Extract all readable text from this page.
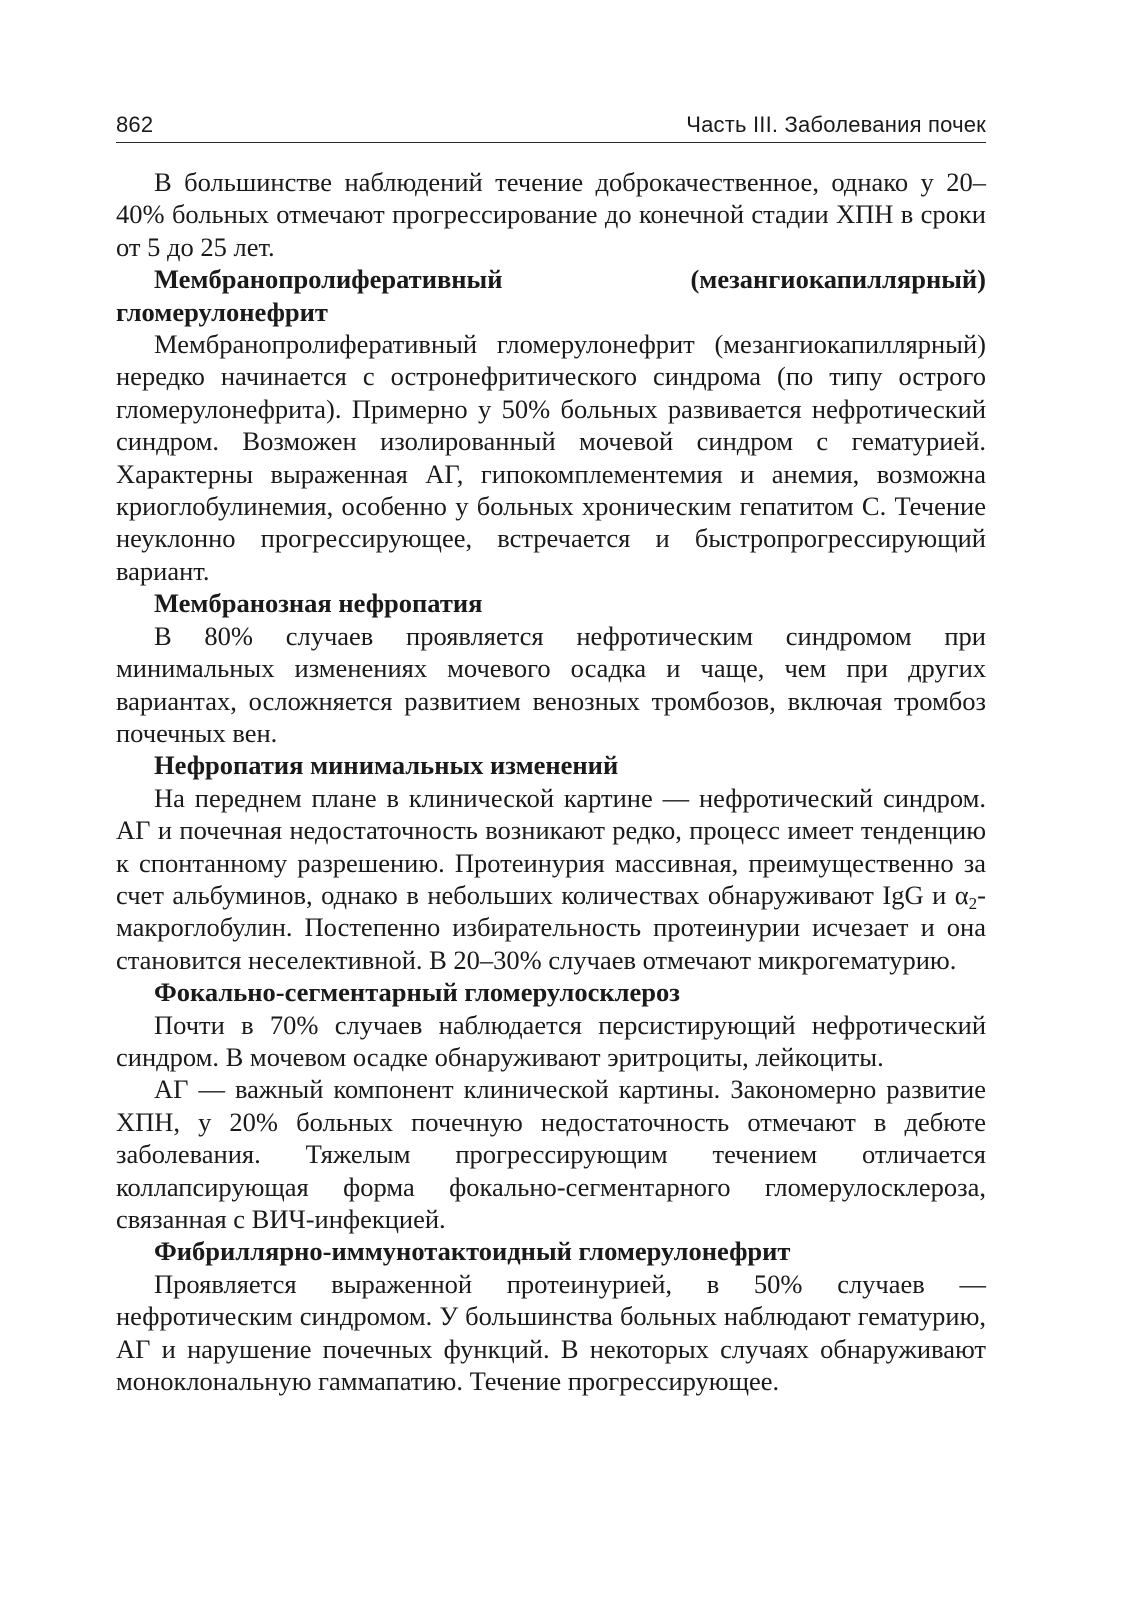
862	Часть III. Заболевания почек

В большинстве наблюдений течение доброкачественное, однако у 20–40% больных отмечают прогрессирование до конечной стадии ХПН в сроки от 5 до 25 лет.

Мембранопролиферативный (мезангиокапиллярный) гломерулонефрит

Мембранопролиферативный гломерулонефрит (мезангиокапиллярный) нередко начинается с остронефритического синдрома (по типу острого гломерулонефрита). Примерно у 50% больных развивается нефротический синдром. Возможен изолированный мочевой синдром с гематурией. Характерны выраженная АГ, гипокомплементемия и анемия, возможна криоглобулинемия, особенно у больных хроническим гепатитом С. Течение неуклонно прогрессирующее, встречается и быстропрогрессирующий вариант.

Мембранозная нефропатия

В 80% случаев проявляется нефротическим синдромом при минимальных изменениях мочевого осадка и чаще, чем при других вариантах, осложняется развитием венозных тромбозов, включая тромбоз почечных вен.

Нефропатия минимальных изменений

На переднем плане в клинической картине — нефротический синдром. АГ и почечная недостаточность возникают редко, процесс имеет тенденцию к спонтанному разрешению. Протеинурия массивная, преимущественно за счет альбуминов, однако в небольших количествах обнаруживают IgG и $\alpha_2$-макроглобулин. Постепенно избирательность протеинурии исчезает и она становится неселективной. В 20–30% случаев отмечают микрогематурию.

Фокально-сегментарный гломерулосклероз

Почти в 70% случаев наблюдается персистирующий нефротический синдром. В мочевом осадке обнаруживают эритроциты, лейкоциты.

АГ — важный компонент клинической картины. Закономерно развитие ХПН, у 20% больных почечную недостаточность отмечают в дебюте заболевания. Тяжелым прогрессирующим течением отличается коллапсирующая форма фокально-сегментарного гломерулосклероза, связанная с ВИЧ-инфекцией.

Фибриллярно-иммунотактоидный гломерулонефрит

Проявляется выраженной протеинурией, в 50% случаев — нефротическим синдромом. У большинства больных наблюдают гематурию, АГ и нарушение почечных функций. В некоторых случаях обнаруживают моноклональную гаммапатию. Течение прогрессирующее.
